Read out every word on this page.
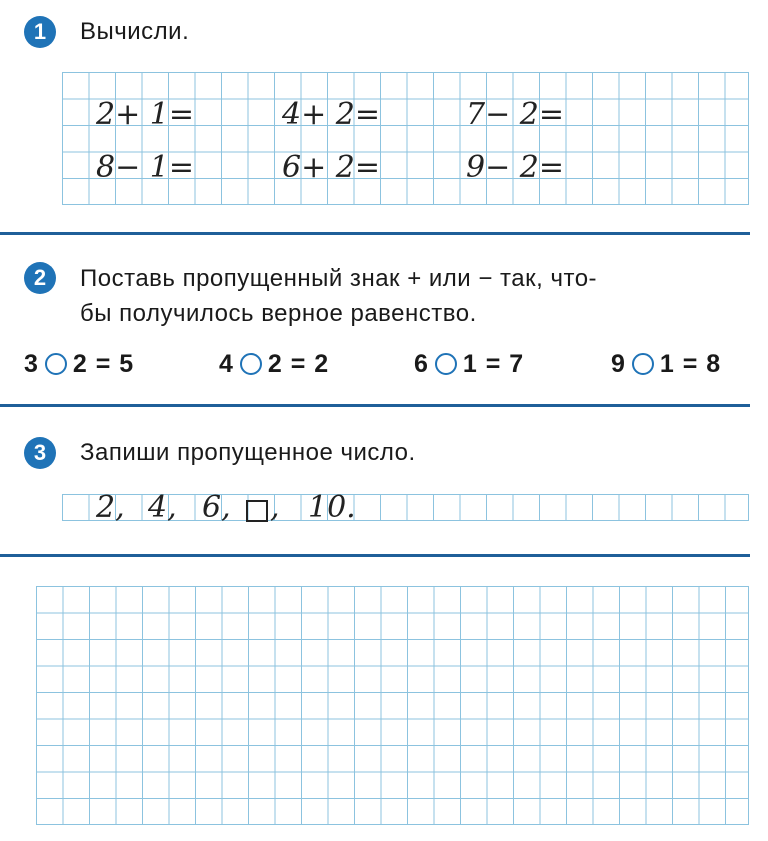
1	Вычисли.
2+ 1=	4+ 2=	7− 2=
8− 1=	6+ 2=	9− 2=
2	Поставь пропущенный знак + или − так, что-
бы получилось верное равенство.
3 2 = 5	4 2 = 2	6 1 = 7	9 1 = 8
3	Запиши пропущенное число.
2, 4, 6, , 10.
